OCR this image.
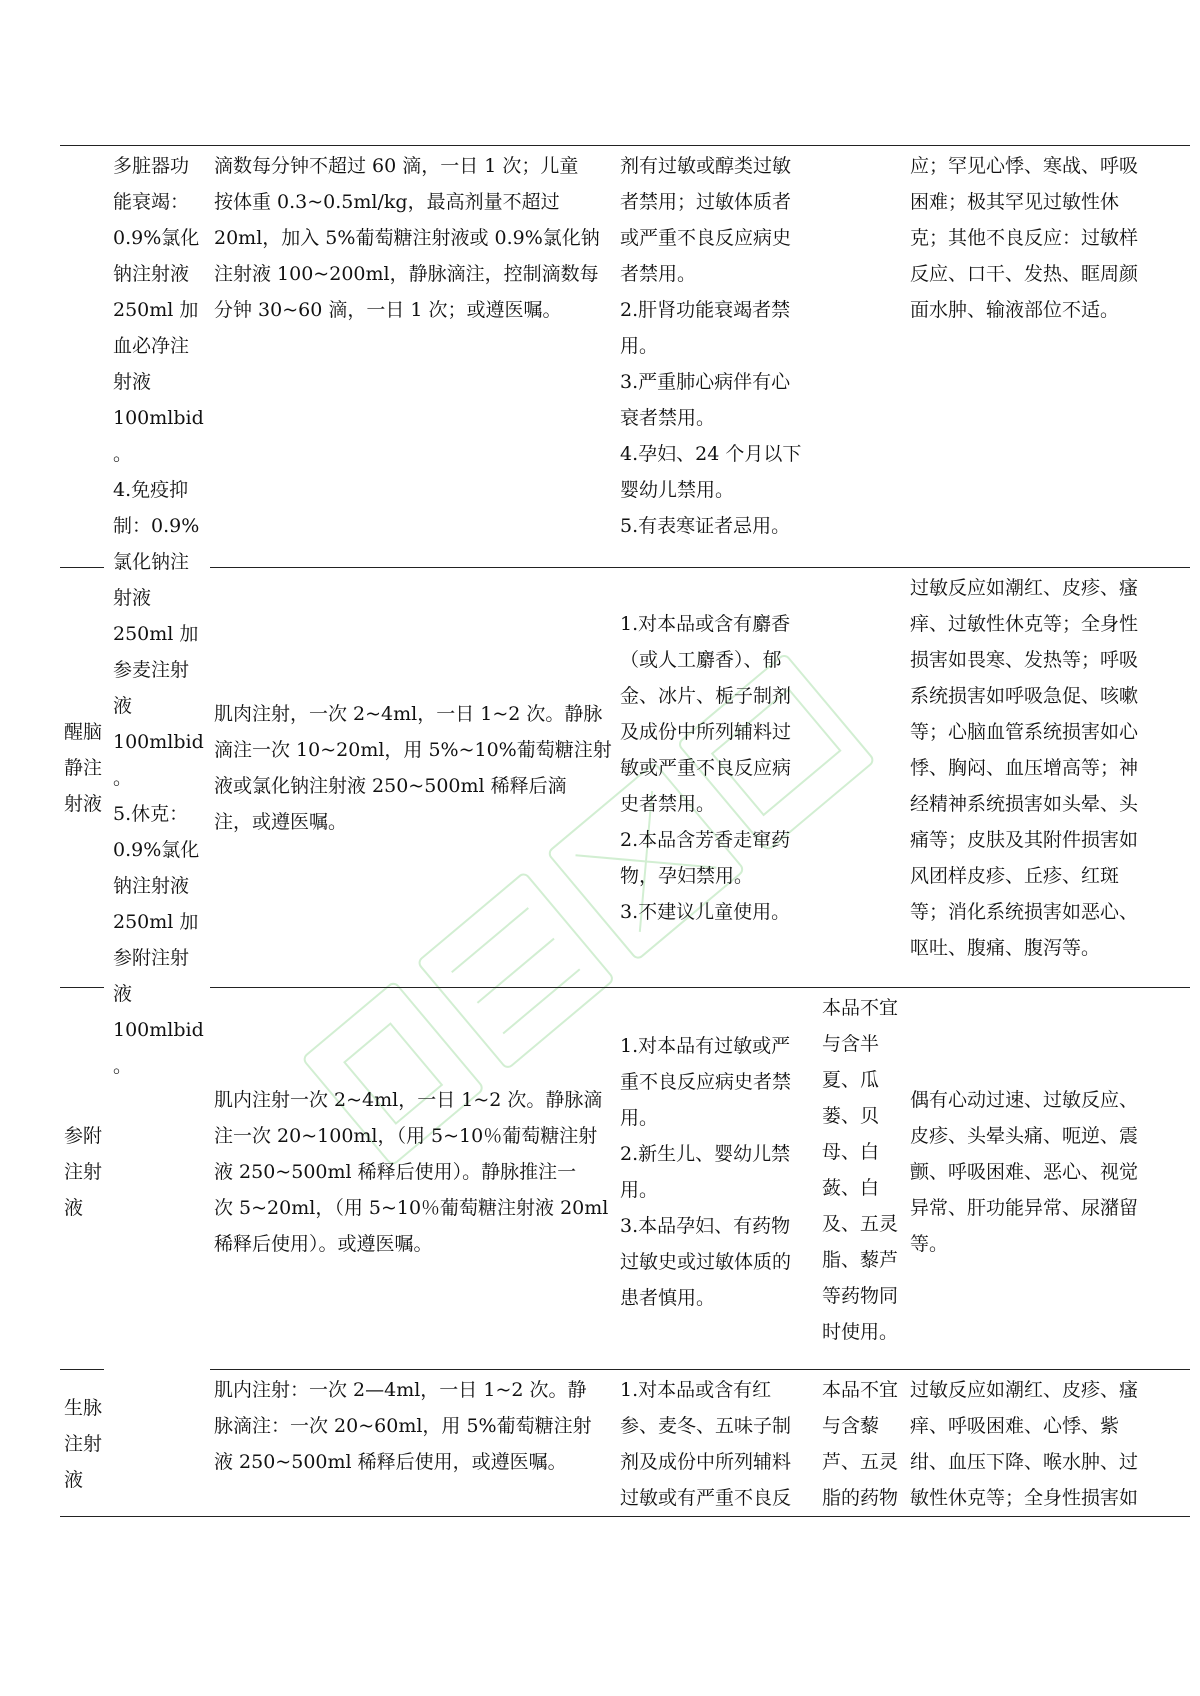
多脏器功
能衰竭：
0.9%氯化
钠注射液
250ml 加
血必净注
射液
100mlbid
。
4.免疫抑
制：0.9%
氯化钠注
射液
250ml 加
参麦注射
液
100mlbid
。
5.休克：
0.9%氯化
钠注射液
250ml 加
参附注射
液
100mlbid
。
滴数每分钟不超过 60 滴，一日 1 次；儿童
按体重 0.3~0.5ml/kg，最高剂量不超过
20ml，加入 5%葡萄糖注射液或 0.9%氯化钠
注射液 100~200ml，静脉滴注，控制滴数每
分钟 30~60 滴，一日 1 次；或遵医嘱。
剂有过敏或醇类过敏
者禁用；过敏体质者
或严重不良反应病史
者禁用。
2.肝肾功能衰竭者禁
用。
3.严重肺心病伴有心
衰者禁用。
4.孕妇、24 个月以下
婴幼儿禁用。
5.有表寒证者忌用。
应；罕见心悸、寒战、呼吸
困难；极其罕见过敏性休
克；其他不良反应：过敏样
反应、口干、发热、眶周颜
面水肿、输液部位不适。
醒脑
静注
射液
肌肉注射，一次 2~4ml，一日 1~2 次。静脉
滴注一次 10~20ml，用 5%~10%葡萄糖注射
液或氯化钠注射液 250~500ml 稀释后滴
注，或遵医嘱。
1.对本品或含有麝香
（或人工麝香）、郁
金、冰片、栀子制剂
及成份中所列辅料过
敏或严重不良反应病
史者禁用。
2.本品含芳香走窜药
物，孕妇禁用。
3.不建议儿童使用。
过敏反应如潮红、皮疹、瘙
痒、过敏性休克等；全身性
损害如畏寒、发热等；呼吸
系统损害如呼吸急促、咳嗽
等；心脑血管系统损害如心
悸、胸闷、血压增高等；神
经精神系统损害如头晕、头
痛等；皮肤及其附件损害如
风团样皮疹、丘疹、红斑
等；消化系统损害如恶心、
呕吐、腹痛、腹泻等。
参附
注射
液
肌内注射一次 2~4ml，一日 1~2 次。静脉滴
注一次 20~100ml，（用 5~10％葡萄糖注射
液 250~500ml 稀释后使用）。静脉推注一
次 5~20ml，（用 5~10％葡萄糖注射液 20ml
稀释后使用）。或遵医嘱。
1.对本品有过敏或严
重不良反应病史者禁
用。
2.新生儿、婴幼儿禁
用。
3.本品孕妇、有药物
过敏史或过敏体质的
患者慎用。
本品不宜
与含半
夏、瓜
蒌、贝
母、白
蔹、白
及、五灵
脂、藜芦
等药物同
时使用。
偶有心动过速、过敏反应、
皮疹、头晕头痛、呃逆、震
颤、呼吸困难、恶心、视觉
异常、肝功能异常、尿潴留
等。
生脉
注射
液
肌内注射：一次 2—4ml，一日 1~2 次。静
脉滴注：一次 20~60ml，用 5%葡萄糖注射
液 250~500ml 稀释后使用，或遵医嘱。
1.对本品或含有红
参、麦冬、五味子制
剂及成份中所列辅料
过敏或有严重不良反
本品不宜
与含藜
芦、五灵
脂的药物
过敏反应如潮红、皮疹、瘙
痒、呼吸困难、心悸、紫
绀、血压下降、喉水肿、过
敏性休克等；全身性损害如
